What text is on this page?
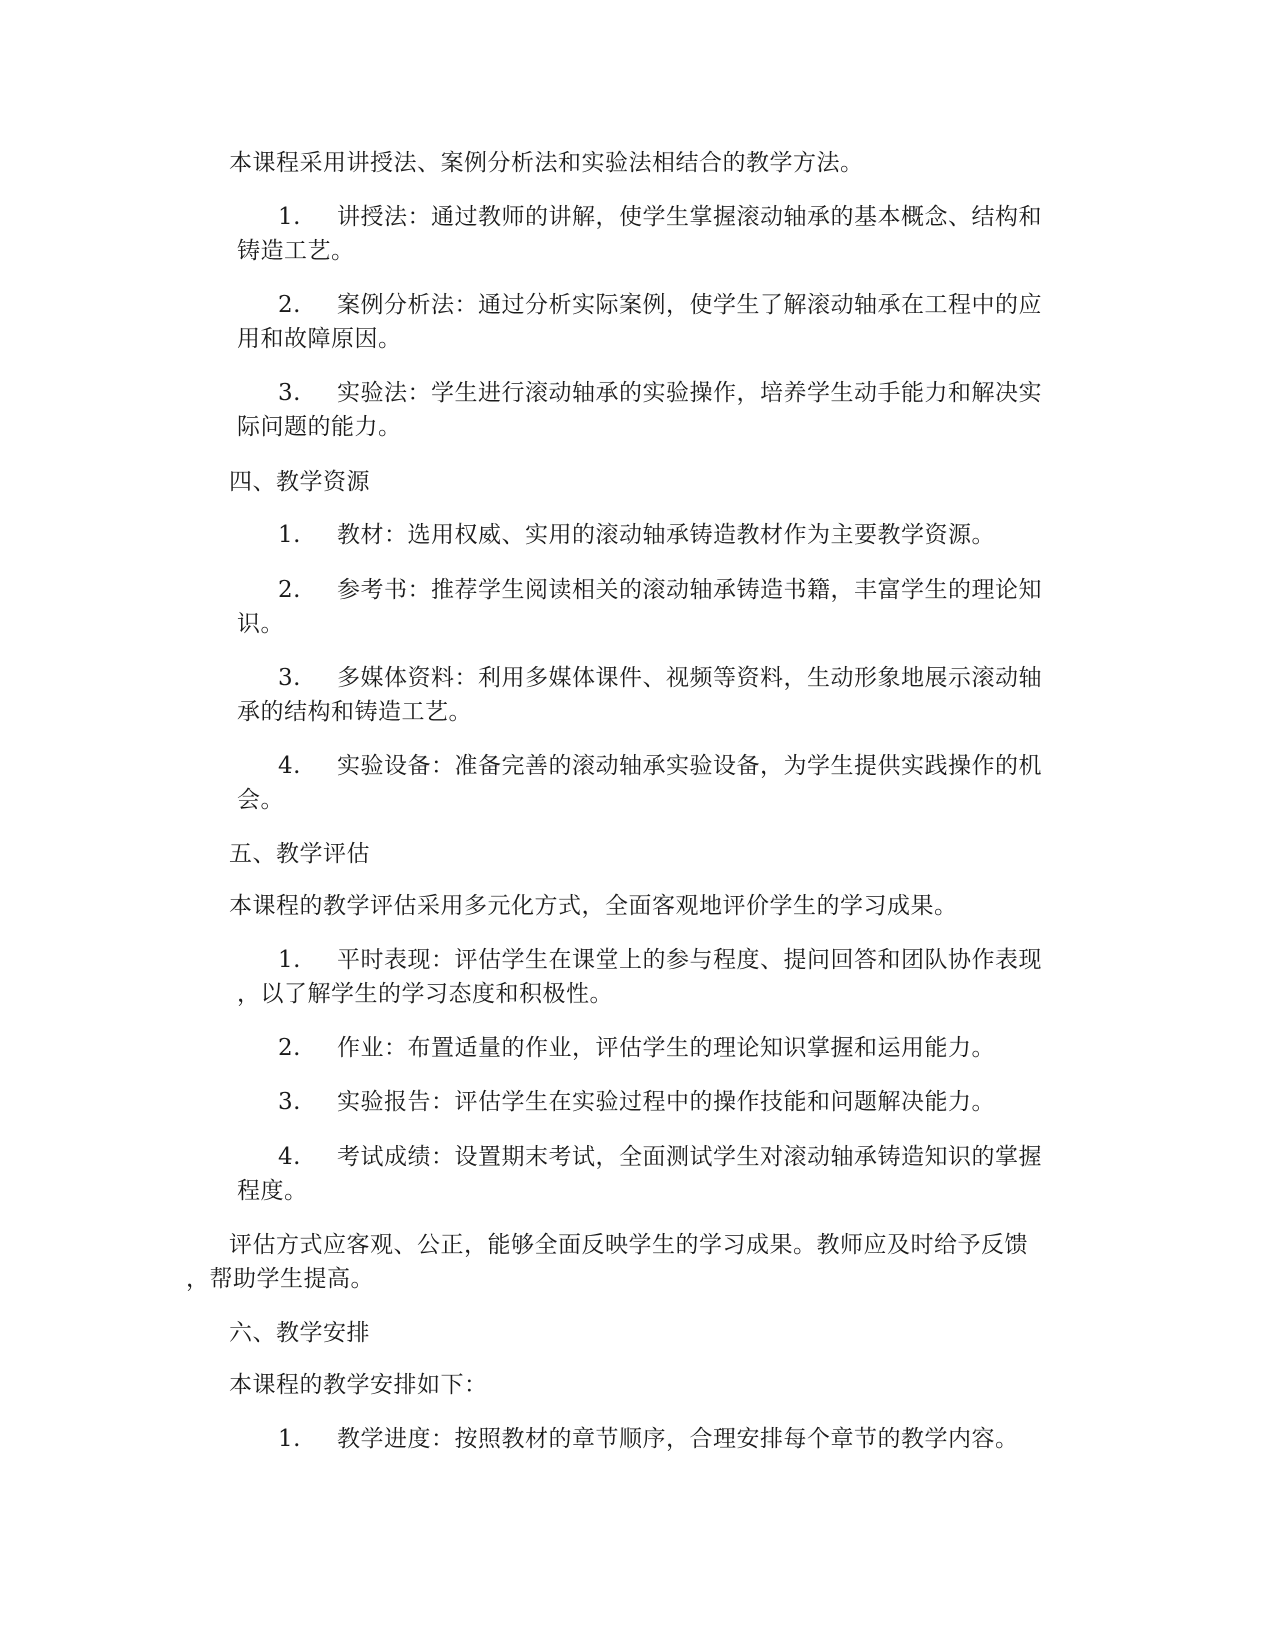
本课程采用讲授法、案例分析法和实验法相结合的教学方法。
1. 讲授法：通过教师的讲解，使学生掌握滚动轴承的基本概念、结构和
铸造工艺。
2. 案例分析法：通过分析实际案例，使学生了解滚动轴承在工程中的应
用和故障原因。
3. 实验法：学生进行滚动轴承的实验操作，培养学生动手能力和解决实
际问题的能力。
四、教学资源
1. 教材：选用权威、实用的滚动轴承铸造教材作为主要教学资源。
2. 参考书：推荐学生阅读相关的滚动轴承铸造书籍，丰富学生的理论知
识。
3. 多媒体资料：利用多媒体课件、视频等资料，生动形象地展示滚动轴
承的结构和铸造工艺。
4. 实验设备：准备完善的滚动轴承实验设备，为学生提供实践操作的机
会。
五、教学评估
本课程的教学评估采用多元化方式，全面客观地评价学生的学习成果。
1. 平时表现：评估学生在课堂上的参与程度、提问回答和团队协作表现
，以了解学生的学习态度和积极性。
2. 作业：布置适量的作业，评估学生的理论知识掌握和运用能力。
3. 实验报告：评估学生在实验过程中的操作技能和问题解决能力。
4. 考试成绩：设置期末考试，全面测试学生对滚动轴承铸造知识的掌握
程度。
评估方式应客观、公正，能够全面反映学生的学习成果。教师应及时给予反馈
，帮助学生提高。
六、教学安排
本课程的教学安排如下：
1. 教学进度：按照教材的章节顺序，合理安排每个章节的教学内容。
